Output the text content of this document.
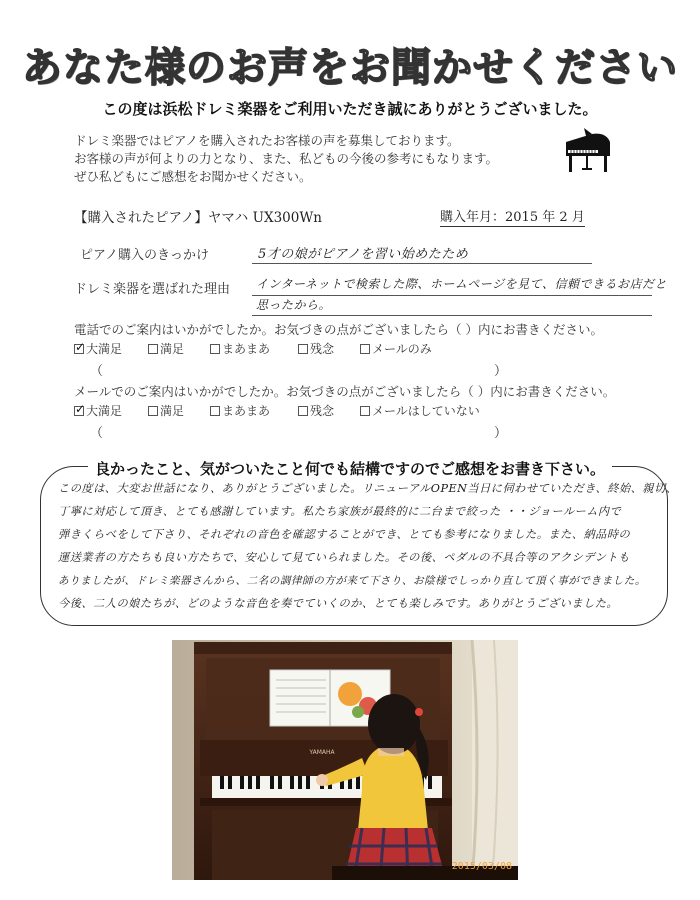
あなた様のお声をお聞かせください
この度は浜松ドレミ楽器をご利用いただき誠にありがとうございました。
ドレミ楽器ではピアノを購入されたお客様の声を募集しております。
お客様の声が何よりの力となり、また、私どもの今後の参考にもなります。
ぜひ私どもにご感想をお聞かせください。
【購入されたピアノ】ヤマハ UX300Wn	購入年月：2015 年 2 月
ピアノ購入のきっかけ	5才の娘がピアノを習い始めたため
ドレミ楽器を選ばれた理由 インターネットで検索した際、ホームページを見て、信頼できるお店だと
思ったから。
電話でのご案内はいかがでしたか。お気づきの点がございましたら（ ）内にお書きください。
✓
大満足	満足	まあまあ	残念	メールのみ
（	）
メールでのご案内はいかがでしたか。お気づきの点がございましたら（ ）内にお書きください。
✓
大満足	満足	まあまあ	残念	メールはしていない
（	）
良かったこと、気がついたこと何でも結構ですのでご感想をお書き下さい。
この度は、大変お世話になり、ありがとうございました。リニューアルOPEN当日に伺わせていただき、終始、親切、
丁寧に対応して頂き、とても感謝しています。私たち家族が最終的に二台まで絞った ・・ジョールーム内で
弾きくらべをして下さり、それぞれの音色を確認することができ、とても参考になりました。また、納品時の
運送業者の方たちも良い方たちで、安心して見ていられました。その後、ペダルの不具合等のアクシデントも
ありましたが、ドレミ楽器さんから、二名の調律師の方が来て下さり、お陰様でしっかり直して頂く事ができました。
今後、二人の娘たちが、どのような音色を奏でていくのか、とても楽しみです。ありがとうございました。
YAMAHA
2015/03/08
